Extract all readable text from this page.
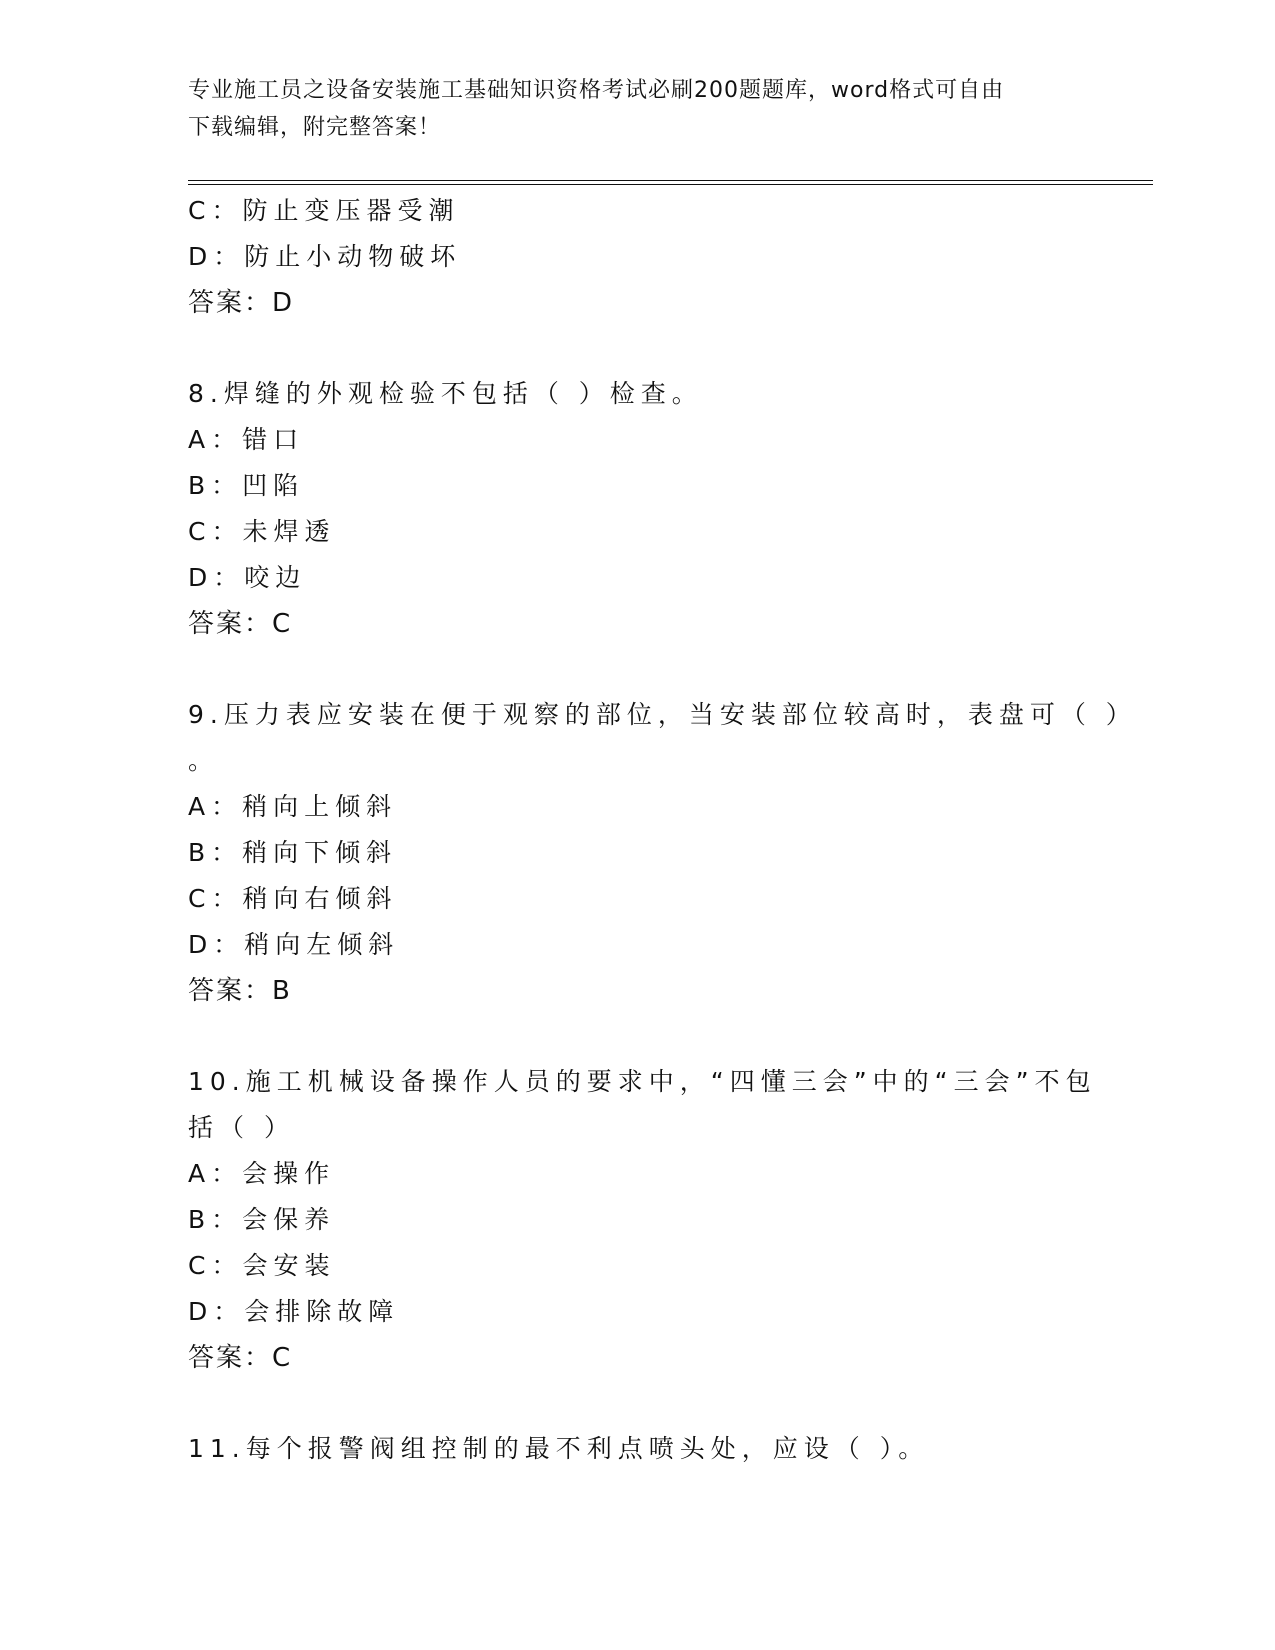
专业施工员之设备安装施工基础知识资格考试必刷200题题库，word格式可自由
下载编辑，附完整答案！
C：防止变压器受潮
D：防止小动物破坏
答案：D
8.焊缝的外观检验不包括（ ）检查。
A：错口
B：凹陷
C：未焊透
D：咬边
答案：C
9.压力表应安装在便于观察的部位，当安装部位较高时，表盘可（ ）
。
A：稍向上倾斜
B：稍向下倾斜
C：稍向右倾斜
D：稍向左倾斜
答案：B
10.施工机械设备操作人员的要求中，“四懂三会”中的“三会”不包
括（ ）
A：会操作
B：会保养
C：会安装
D：会排除故障
答案：C
11.每个报警阀组控制的最不利点喷头处，应设（ ）。
